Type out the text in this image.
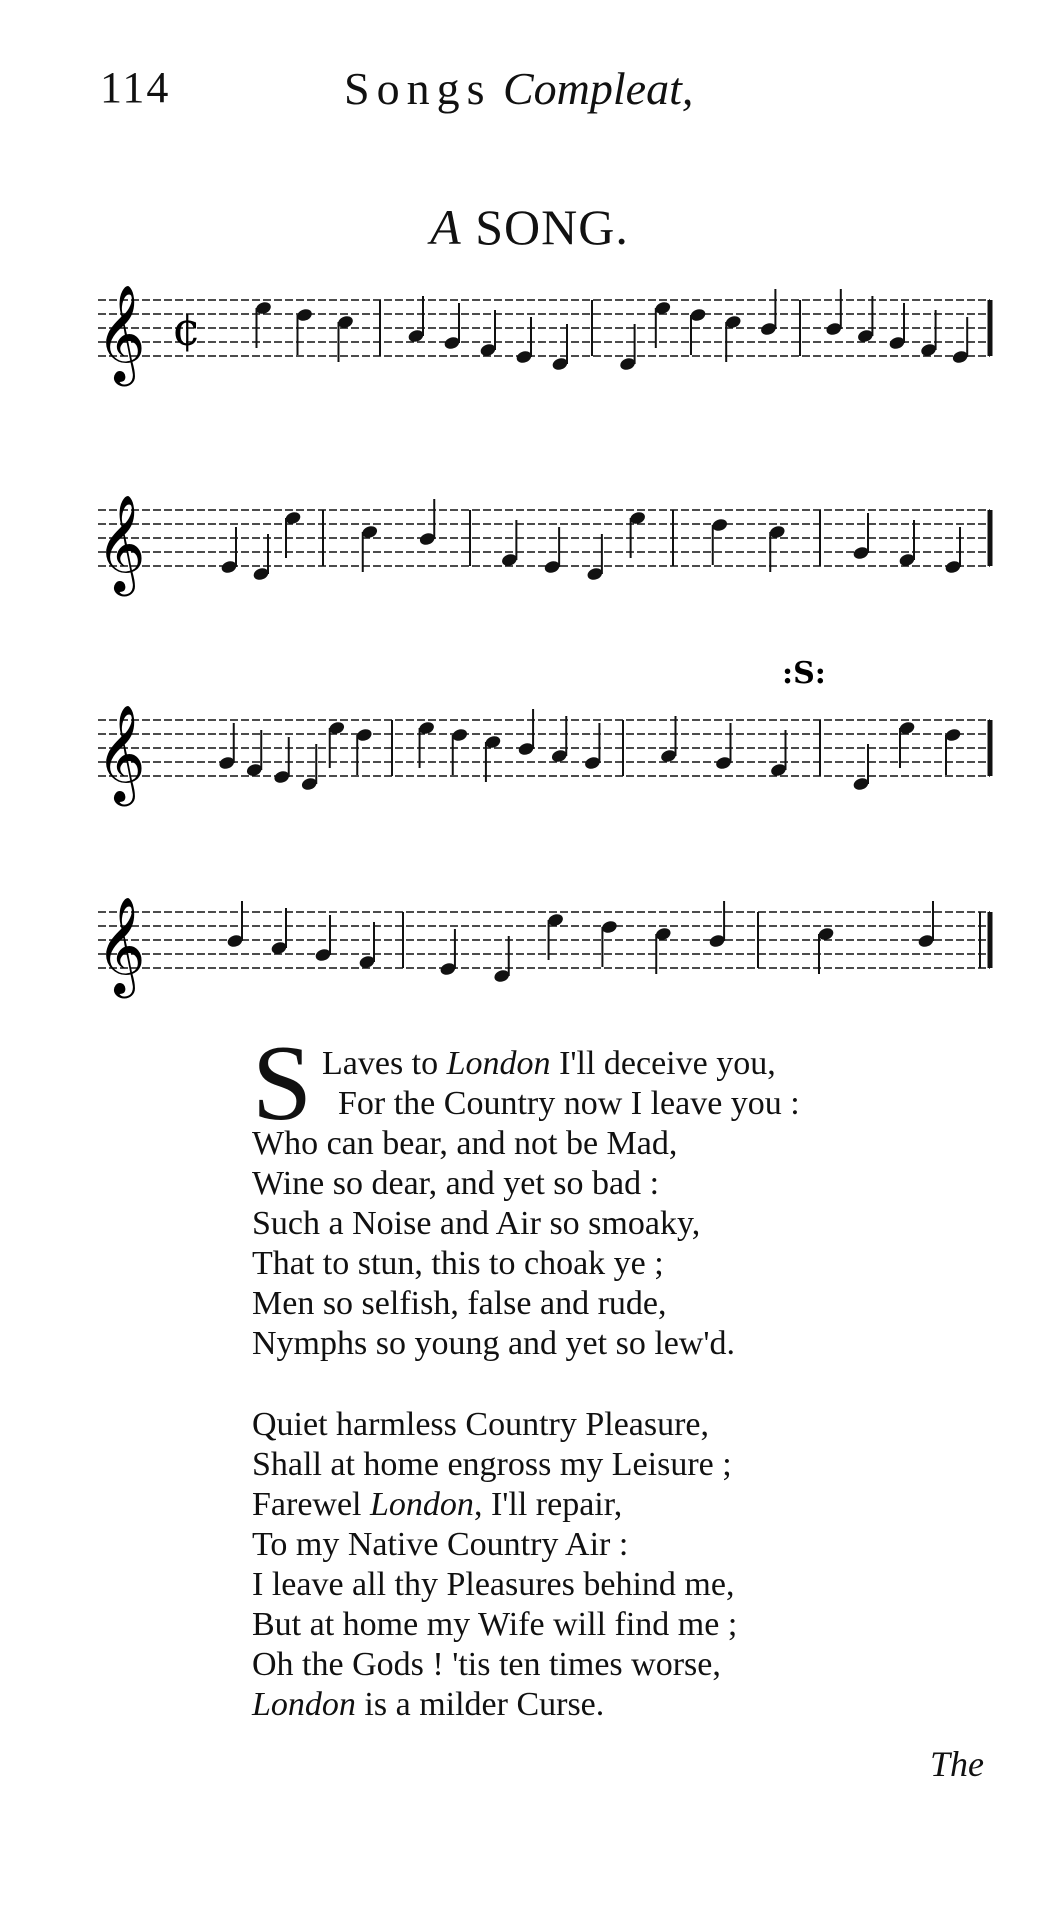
114	Songs Compleat,
A SONG.
𝄞 ¢
𝄞
𝄞
𝄞
:S:
S Laves to London I'll deceive you,
For the Country now I leave you :
Who can bear, and not be Mad,
Wine so dear, and yet so bad :
Such a Noise and Air so smoaky,
That to stun, this to choak ye ;
Men so selfish, false and rude,
Nymphs so young and yet so lew'd.
Quiet harmless Country Pleasure,
Shall at home engross my Leisure ;
Farewel London, I'll repair,
To my Native Country Air :
I leave all thy Pleasures behind me,
But at home my Wife will find me ;
Oh the Gods ! 'tis ten times worse,
London is a milder Curse.
The
